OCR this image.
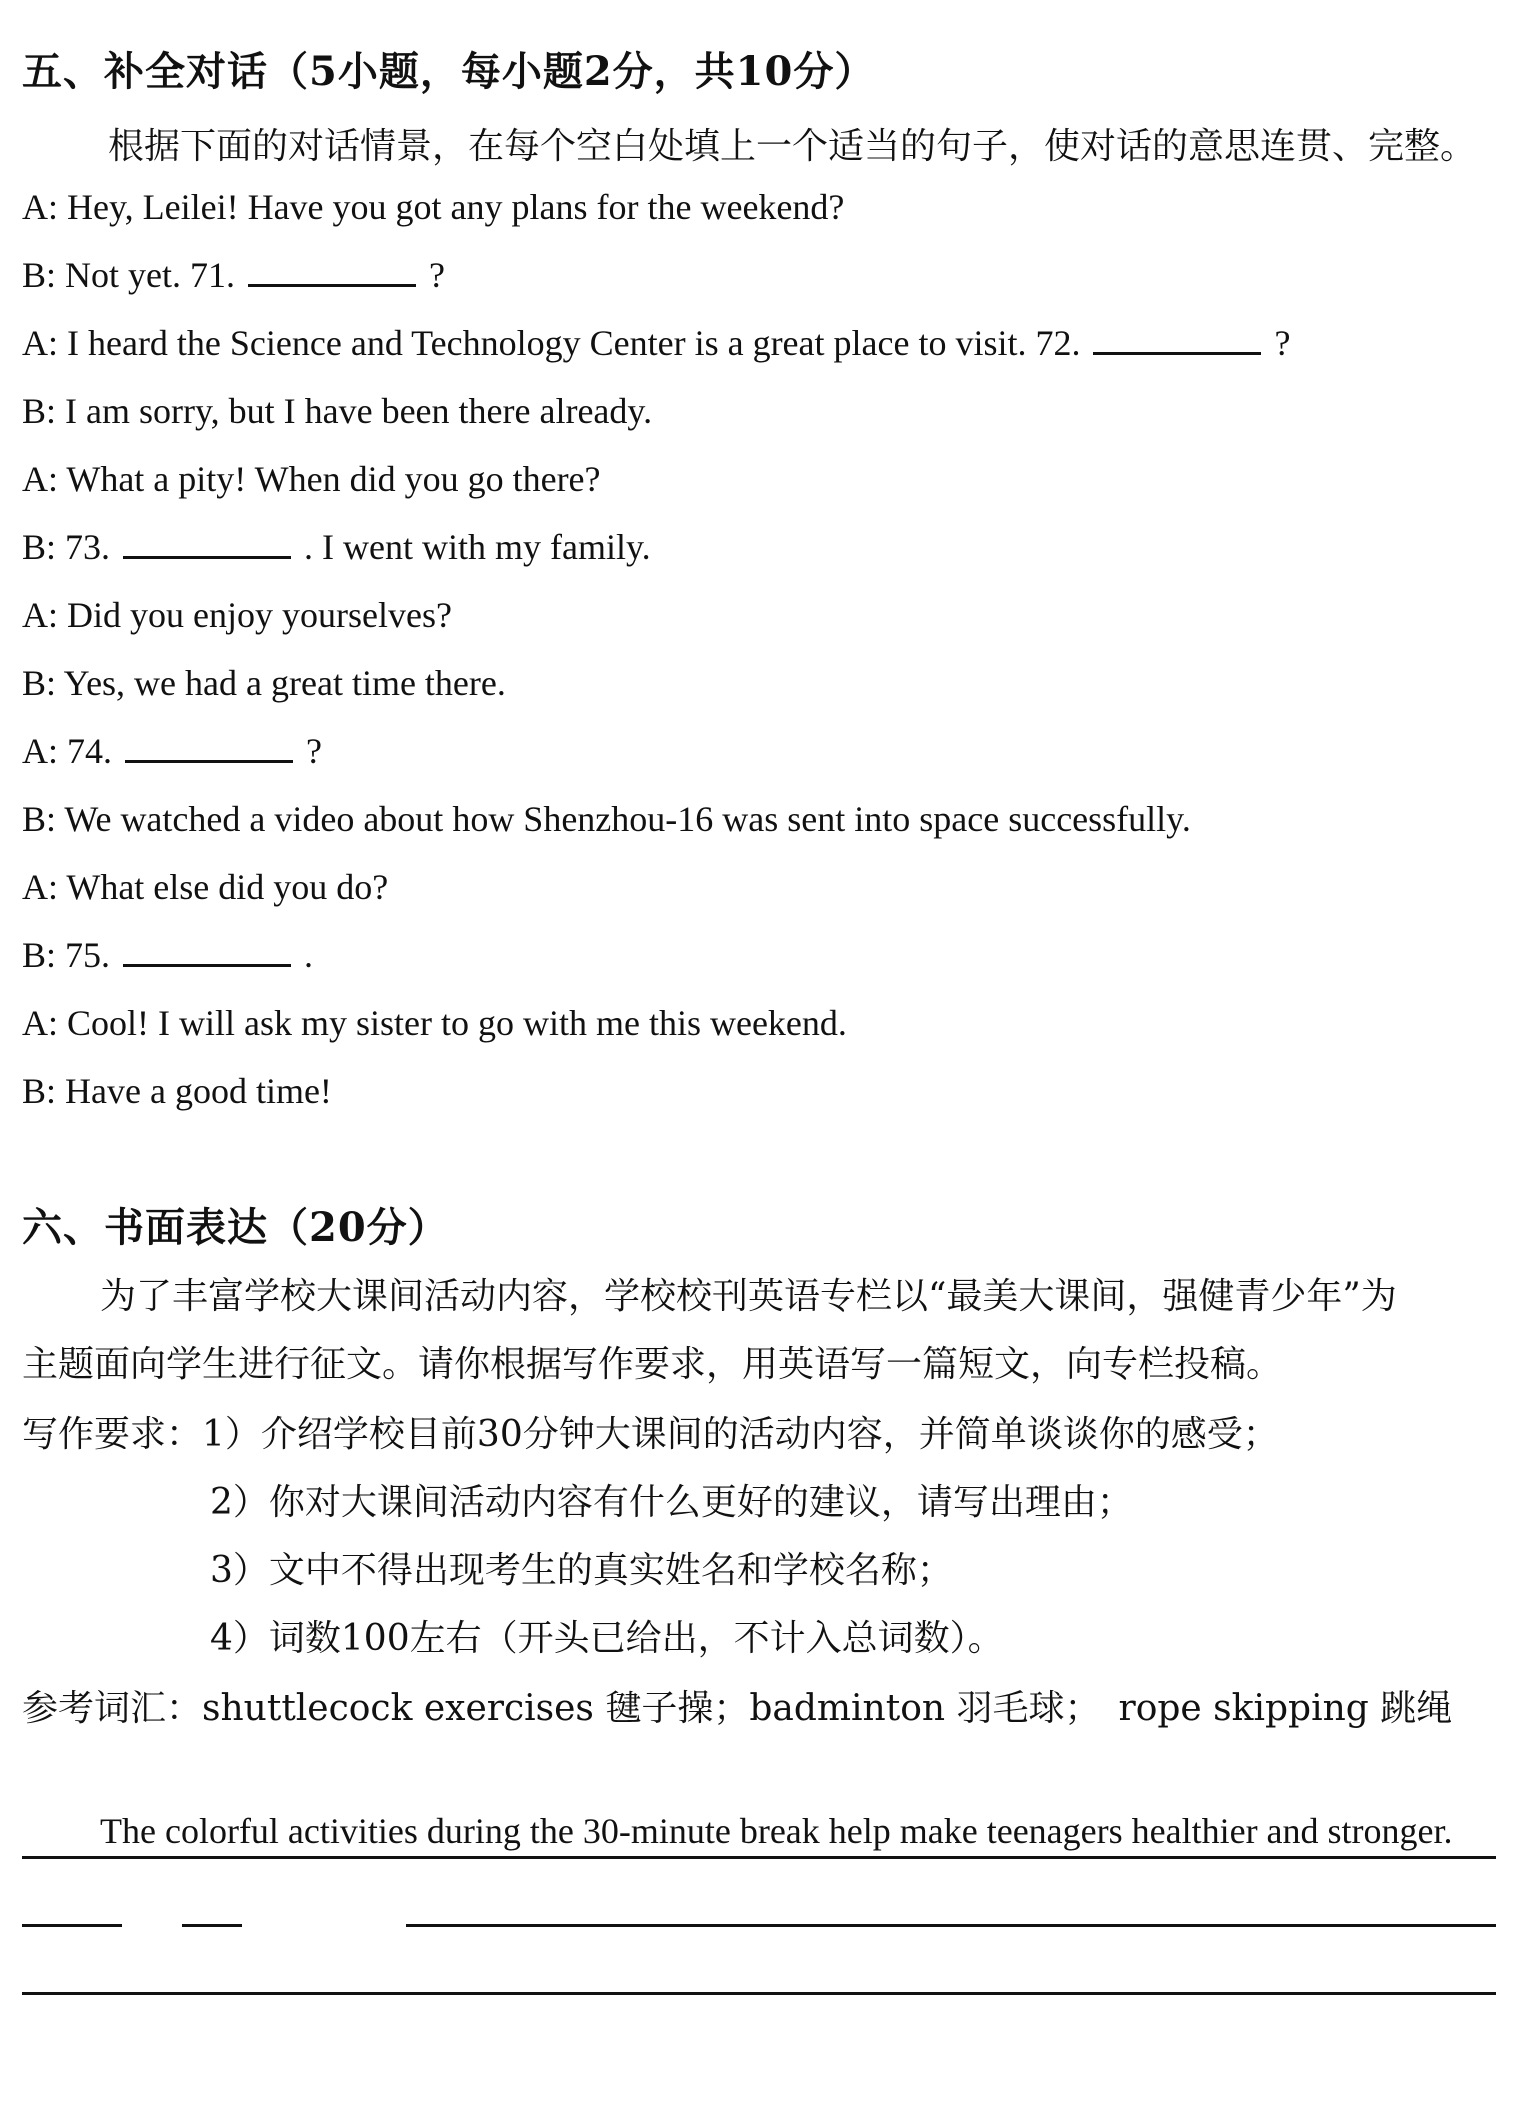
五、补全对话（5小题，每小题2分，共10分）
根据下面的对话情景，在每个空白处填上一个适当的句子，使对话的意思连贯、完整。
A: Hey, Leilei! Have you got any plans for the weekend?
B: Not yet. 71.	?
A: I heard the Science and Technology Center is a great place to visit. 72.	?
B: I am sorry, but I have been there already.
A: What a pity! When did you go there?
B: 73.	. I went with my family.
A: Did you enjoy yourselves?
B: Yes, we had a great time there.
A: 74.	?
B: We watched a video about how Shenzhou-16 was sent into space successfully.
A: What else did you do?
B: 75.	.
A: Cool! I will ask my sister to go with me this weekend.
B: Have a good time!
六、书面表达（20分）
为了丰富学校大课间活动内容，学校校刊英语专栏以“最美大课间，强健青少年”为
主题面向学生进行征文。请你根据写作要求，用英语写一篇短文，向专栏投稿。
写作要求：1）介绍学校目前30分钟大课间的活动内容，并简单谈谈你的感受；
2）你对大课间活动内容有什么更好的建议，请写出理由；
3）文中不得出现考生的真实姓名和学校名称；
4）词数100左右（开头已给出，不计入总词数）。
参考词汇：shuttlecock exercises 毽子操；badminton 羽毛球；　rope skipping 跳绳
The colorful activities during the 30-minute break help make teenagers healthier and stronger.
